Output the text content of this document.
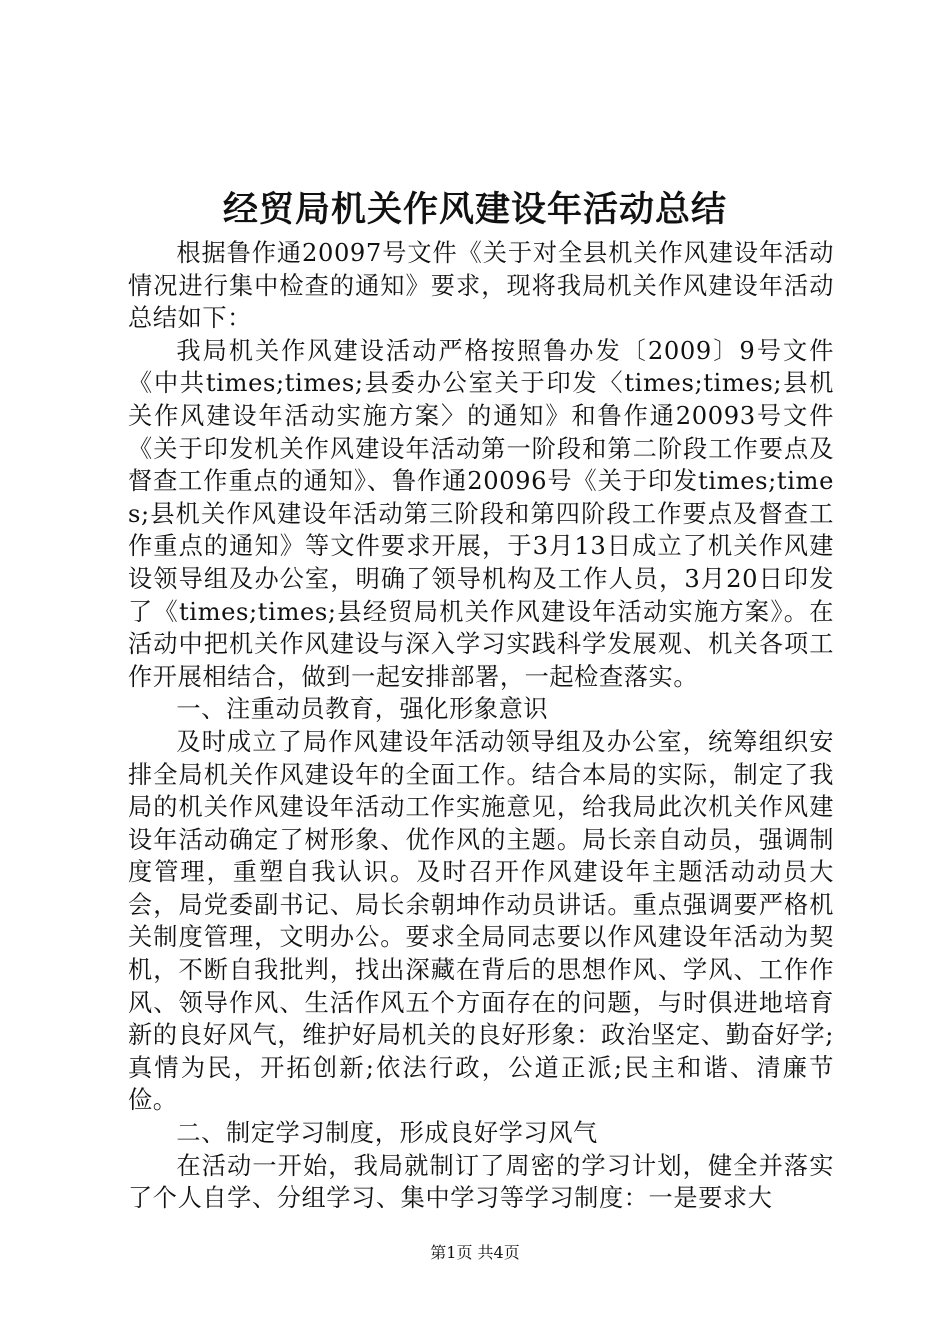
经贸局机关作风建设年活动总结

根据鲁作通20097号文件《关于对全县机关作风建设年活动情况进行集中检查的通知》要求，现将我局机关作风建设年活动总结如下：

我局机关作风建设活动严格按照鲁办发〔2009〕9号文件《中共times;times;县委办公室关于印发〈times;times;县机关作风建设年活动实施方案〉的通知》和鲁作通20093号文件《关于印发机关作风建设年活动第一阶段和第二阶段工作要点及督查工作重点的通知》、鲁作通20096号《关于印发times;times;县机关作风建设年活动第三阶段和第四阶段工作要点及督查工作重点的通知》等文件要求开展，于3月13日成立了机关作风建设领导组及办公室，明确了领导机构及工作人员，3月20日印发了《times;times;县经贸局机关作风建设年活动实施方案》。在活动中把机关作风建设与深入学习实践科学发展观、机关各项工作开展相结合，做到一起安排部署，一起检查落实。

一、注重动员教育，强化形象意识

及时成立了局作风建设年活动领导组及办公室，统筹组织安排全局机关作风建设年的全面工作。结合本局的实际，制定了我局的机关作风建设年活动工作实施意见，给我局此次机关作风建设年活动确定了树形象、优作风的主题。局长亲自动员，强调制度管理，重塑自我认识。及时召开作风建设年主题活动动员大会，局党委副书记、局长余朝坤作动员讲话。重点强调要严格机关制度管理，文明办公。要求全局同志要以作风建设年活动为契机，不断自我批判，找出深藏在背后的思想作风、学风、工作作风、领导作风、生活作风五个方面存在的问题，与时俱进地培育新的良好风气，维护好局机关的良好形象：政治坚定、勤奋好学;真情为民，开拓创新;依法行政，公道正派;民主和谐、清廉节俭。

二、制定学习制度，形成良好学习风气

在活动一开始，我局就制订了周密的学习计划，健全并落实了个人自学、分组学习、集中学习等学习制度：一是要求大

第1页 共4页
